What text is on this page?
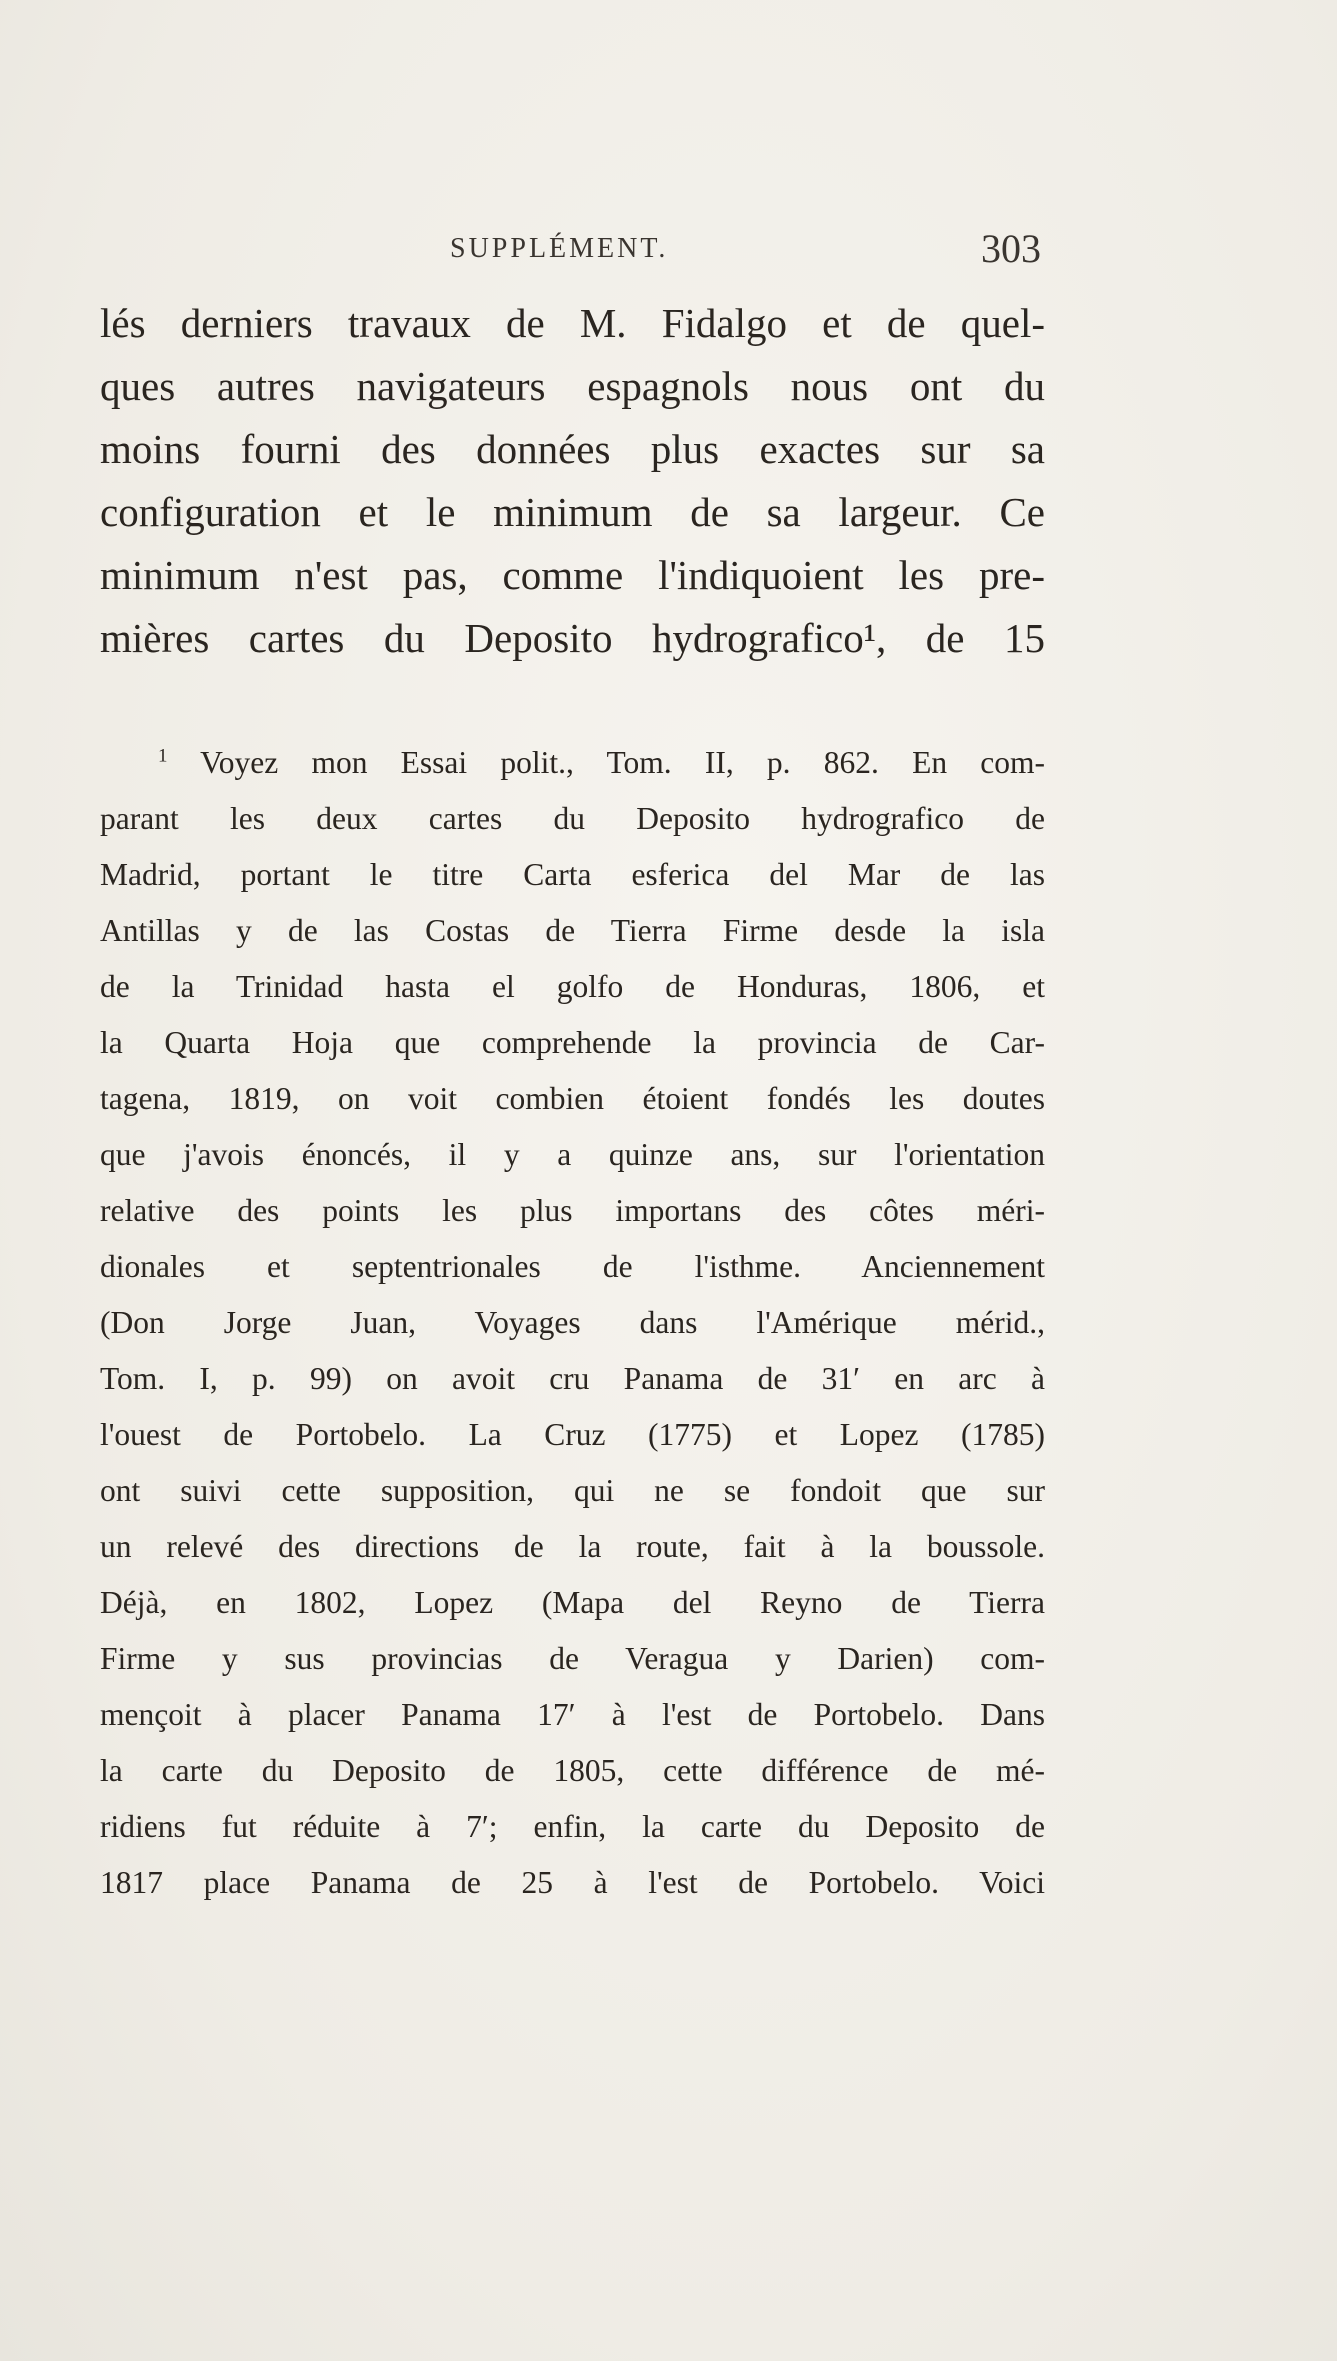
SUPPLÉMENT.	303
lés derniers travaux de M. Fidalgo et de quel-
ques autres navigateurs espagnols nous ont du
moins fourni des données plus exactes sur sa
configuration et le minimum de sa largeur. Ce
minimum n'est pas, comme l'indiquoient les pre-
mières cartes du Deposito hydrografico¹, de 15
$^1$ Voyez mon Essai polit., Tom. II, p. 862. En com-
parant les deux cartes du Deposito hydrografico de
Madrid, portant le titre Carta esferica del Mar de las
Antillas y de las Costas de Tierra Firme desde la isla
de la Trinidad hasta el golfo de Honduras, 1806, et
la Quarta Hoja que comprehende la provincia de Car-
tagena, 1819, on voit combien étoient fondés les doutes
que j'avois énoncés, il y a quinze ans, sur l'orientation
relative des points les plus importans des côtes méri-
dionales et septentrionales de l'isthme. Anciennement
(Don Jorge Juan, Voyages dans l'Amérique mérid.,
Tom. I, p. 99) on avoit cru Panama de 31′ en arc à
l'ouest de Portobelo. La Cruz (1775) et Lopez (1785)
ont suivi cette supposition, qui ne se fondoit que sur
un relevé des directions de la route, fait à la boussole.
Déjà, en 1802, Lopez (Mapa del Reyno de Tierra
Firme y sus provincias de Veragua y Darien) com-
mençoit à placer Panama 17′ à l'est de Portobelo. Dans
la carte du Deposito de 1805, cette différence de mé-
ridiens fut réduite à 7′; enfin, la carte du Deposito de
1817 place Panama de 25 à l'est de Portobelo. Voici
